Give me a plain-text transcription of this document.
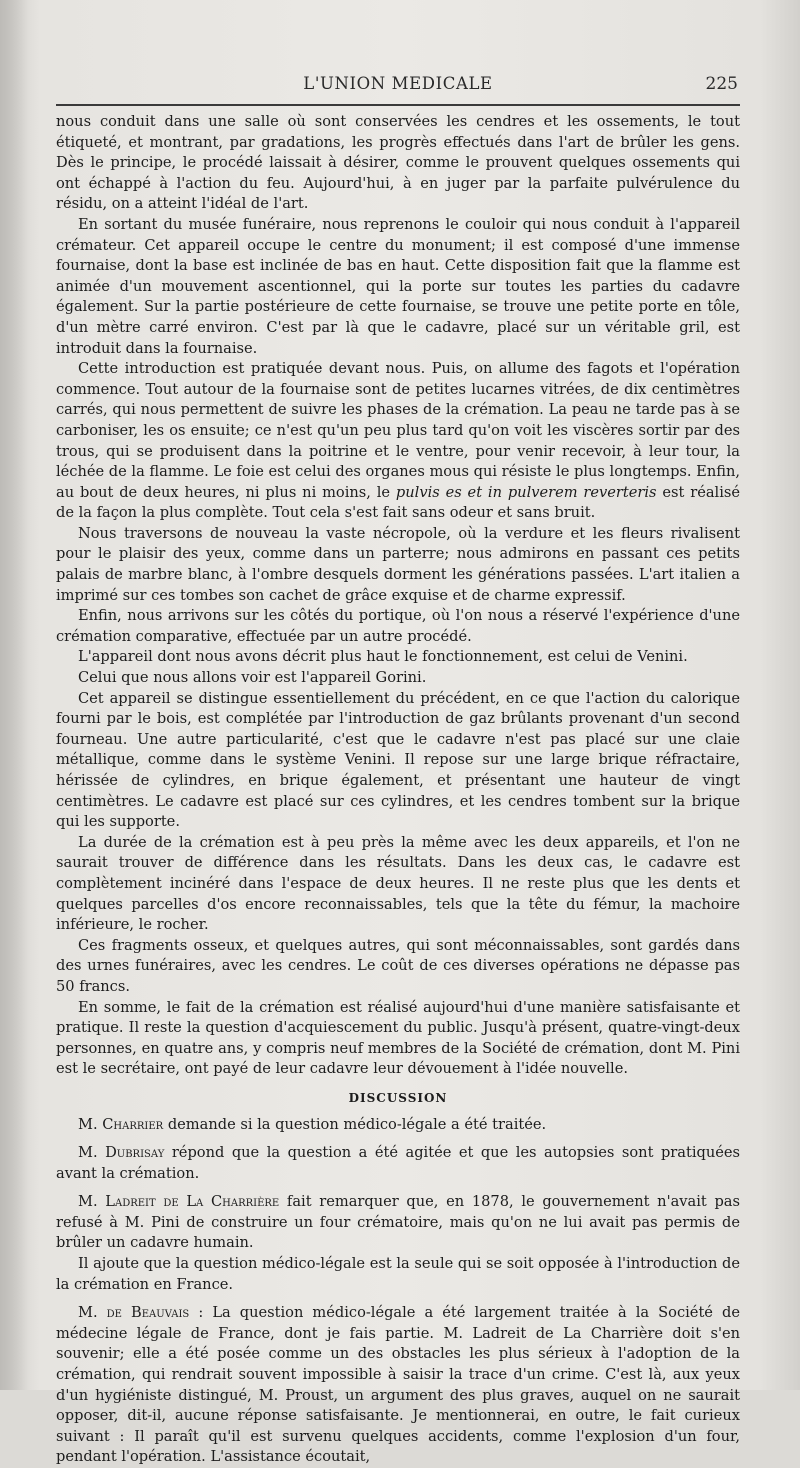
L'UNION MEDICALE	225

nous conduit dans une salle où sont conservées les cendres et les ossements, le tout étiqueté, et montrant, par gradations, les progrès effectués dans l'art de brûler les gens. Dès le principe, le procédé laissait à désirer, comme le prouvent quelques ossements qui ont échappé à l'action du feu. Aujourd'hui, à en juger par la parfaite pulvérulence du résidu, on a atteint l'idéal de l'art.

En sortant du musée funéraire, nous reprenons le couloir qui nous conduit à l'appareil crémateur. Cet appareil occupe le centre du monument; il est composé d'une immense fournaise, dont la base est inclinée de bas en haut. Cette disposition fait que la flamme est animée d'un mouvement ascentionnel, qui la porte sur toutes les parties du cadavre également. Sur la partie postérieure de cette fournaise, se trouve une petite porte en tôle, d'un mètre carré environ. C'est par là que le cadavre, placé sur un véritable gril, est introduit dans la fournaise.

Cette introduction est pratiquée devant nous. Puis, on allume des fagots et l'opération commence. Tout autour de la fournaise sont de petites lucarnes vitrées, de dix centimètres carrés, qui nous permettent de suivre les phases de la crémation. La peau ne tarde pas à se carboniser, les os ensuite; ce n'est qu'un peu plus tard qu'on voit les viscères sortir par des trous, qui se produisent dans la poitrine et le ventre, pour venir recevoir, à leur tour, la léchée de la flamme. Le foie est celui des organes mous qui résiste le plus longtemps. Enfin, au bout de deux heures, ni plus ni moins, le pulvis es et in pulverem reverteris est réalisé de la façon la plus complète. Tout cela s'est fait sans odeur et sans bruit.

Nous traversons de nouveau la vaste nécropole, où la verdure et les fleurs rivalisent pour le plaisir des yeux, comme dans un parterre; nous admirons en passant ces petits palais de marbre blanc, à l'ombre desquels dorment les générations passées. L'art italien a imprimé sur ces tombes son cachet de grâce exquise et de charme expressif.

Enfin, nous arrivons sur les côtés du portique, où l'on nous a réservé l'expérience d'une crémation comparative, effectuée par un autre procédé.

L'appareil dont nous avons décrit plus haut le fonctionnement, est celui de Venini.

Celui que nous allons voir est l'appareil Gorini.

Cet appareil se distingue essentiellement du précédent, en ce que l'action du calorique fourni par le bois, est complétée par l'introduction de gaz brûlants provenant d'un second fourneau. Une autre particularité, c'est que le cadavre n'est pas placé sur une claie métallique, comme dans le système Venini. Il repose sur une large brique réfractaire, hérissée de cylindres, en brique également, et présentant une hauteur de vingt centimètres. Le cadavre est placé sur ces cylindres, et les cendres tombent sur la brique qui les supporte.

La durée de la crémation est à peu près la même avec les deux appareils, et l'on ne saurait trouver de différence dans les résultats. Dans les deux cas, le cadavre est complètement incinéré dans l'espace de deux heures. Il ne reste plus que les dents et quelques parcelles d'os encore reconnaissables, tels que la tête du fémur, la machoire inférieure, le rocher.

Ces fragments osseux, et quelques autres, qui sont méconnaissables, sont gardés dans des urnes funéraires, avec les cendres. Le coût de ces diverses opérations ne dépasse pas 50 francs.

En somme, le fait de la crémation est réalisé aujourd'hui d'une manière satisfaisante et pratique. Il reste la question d'acquiescement du public. Jusqu'à présent, quatre-vingt-deux personnes, en quatre ans, y compris neuf membres de la Société de crémation, dont M. Pini est le secrétaire, ont payé de leur cadavre leur dévouement à l'idée nouvelle.

DISCUSSION

M. Charrier demande si la question médico-légale a été traitée.

M. Dubrisay répond que la question a été agitée et que les autopsies sont pratiquées avant la crémation.

M. Ladreit de La Charrière fait remarquer que, en 1878, le gouvernement n'avait pas refusé à M. Pini de construire un four crématoire, mais qu'on ne lui avait pas permis de brûler un cadavre humain.

Il ajoute que la question médico-légale est la seule qui se soit opposée à l'introduction de la crémation en France.

M. de Beauvais : La question médico-légale a été largement traitée à la Société de médecine légale de France, dont je fais partie. M. Ladreit de La Charrière doit s'en souvenir; elle a été posée comme un des obstacles les plus sérieux à l'adoption de la crémation, qui rendrait souvent impossible à saisir la trace d'un crime. C'est là, aux yeux d'un hygiéniste distingué, M. Proust, un argument des plus graves, auquel on ne saurait opposer, dit-il, aucune réponse satisfaisante. Je mentionnerai, en outre, le fait curieux suivant : Il paraît qu'il est survenu quelques accidents, comme l'explosion d'un four, pendant l'opération. L'assistance écoutait,
